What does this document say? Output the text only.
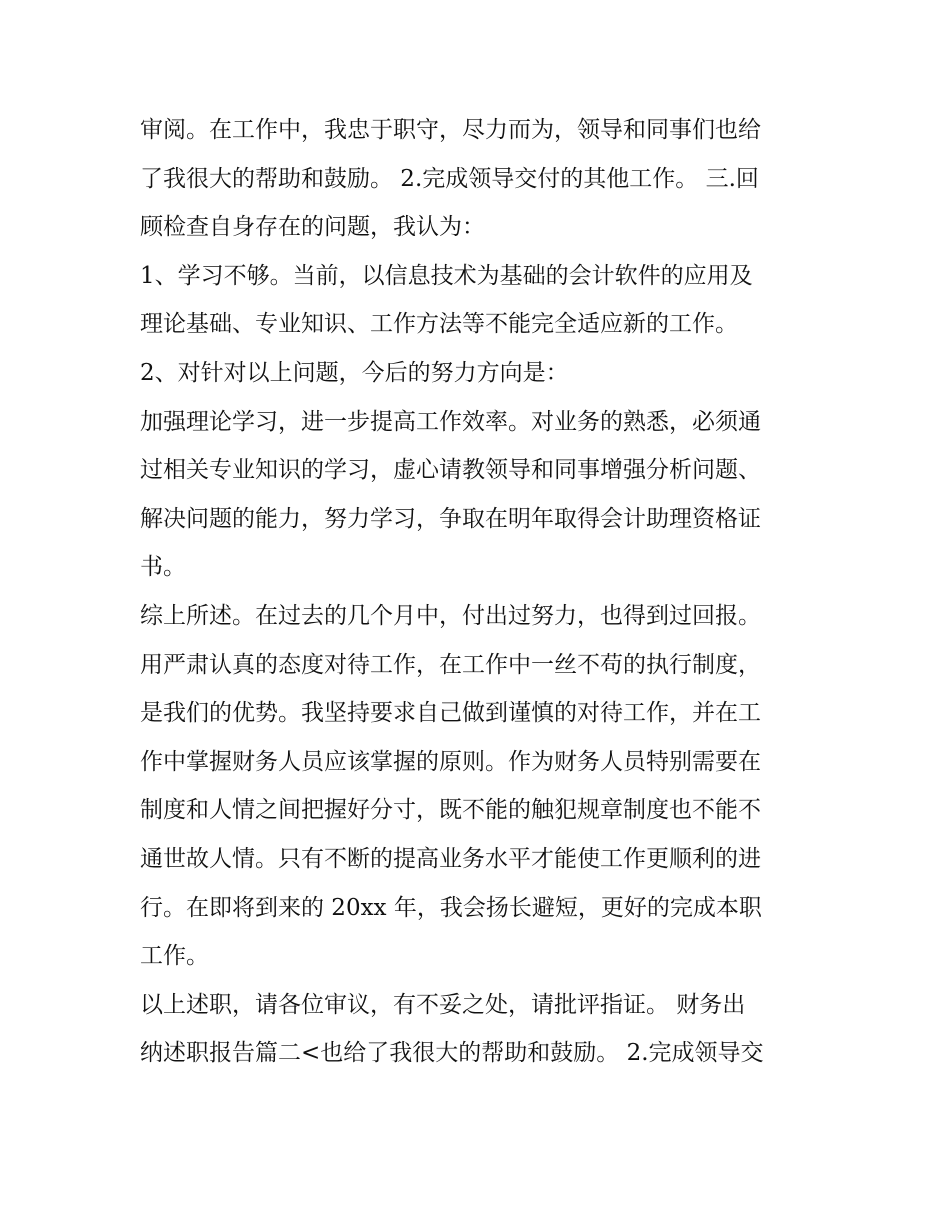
审阅。在工作中，我忠于职守，尽力而为，领导和同事们也给
了我很大的帮助和鼓励。 2.完成领导交付的其他工作。 三.回
顾检查自身存在的问题，我认为：
1、学习不够。当前，以信息技术为基础的会计软件的应用及
理论基础、专业知识、工作方法等不能完全适应新的工作。
2、对针对以上问题，今后的努力方向是：
加强理论学习，进一步提高工作效率。对业务的熟悉，必须通
过相关专业知识的学习，虚心请教领导和同事增强分析问题、
解决问题的能力，努力学习，争取在明年取得会计助理资格证
书。
综上所述。在过去的几个月中，付出过努力，也得到过回报。
用严肃认真的态度对待工作，在工作中一丝不苟的执行制度，
是我们的优势。我坚持要求自己做到谨慎的对待工作，并在工
作中掌握财务人员应该掌握的原则。作为财务人员特别需要在
制度和人情之间把握好分寸，既不能的触犯规章制度也不能不
通世故人情。只有不断的提高业务水平才能使工作更顺利的进
行。在即将到来的 20xx 年，我会扬长避短，更好的完成本职
工作。
以上述职，请各位审议，有不妥之处，请批评指证。 财务出
纳述职报告篇二<也给了我很大的帮助和鼓励。 2.完成领导交
